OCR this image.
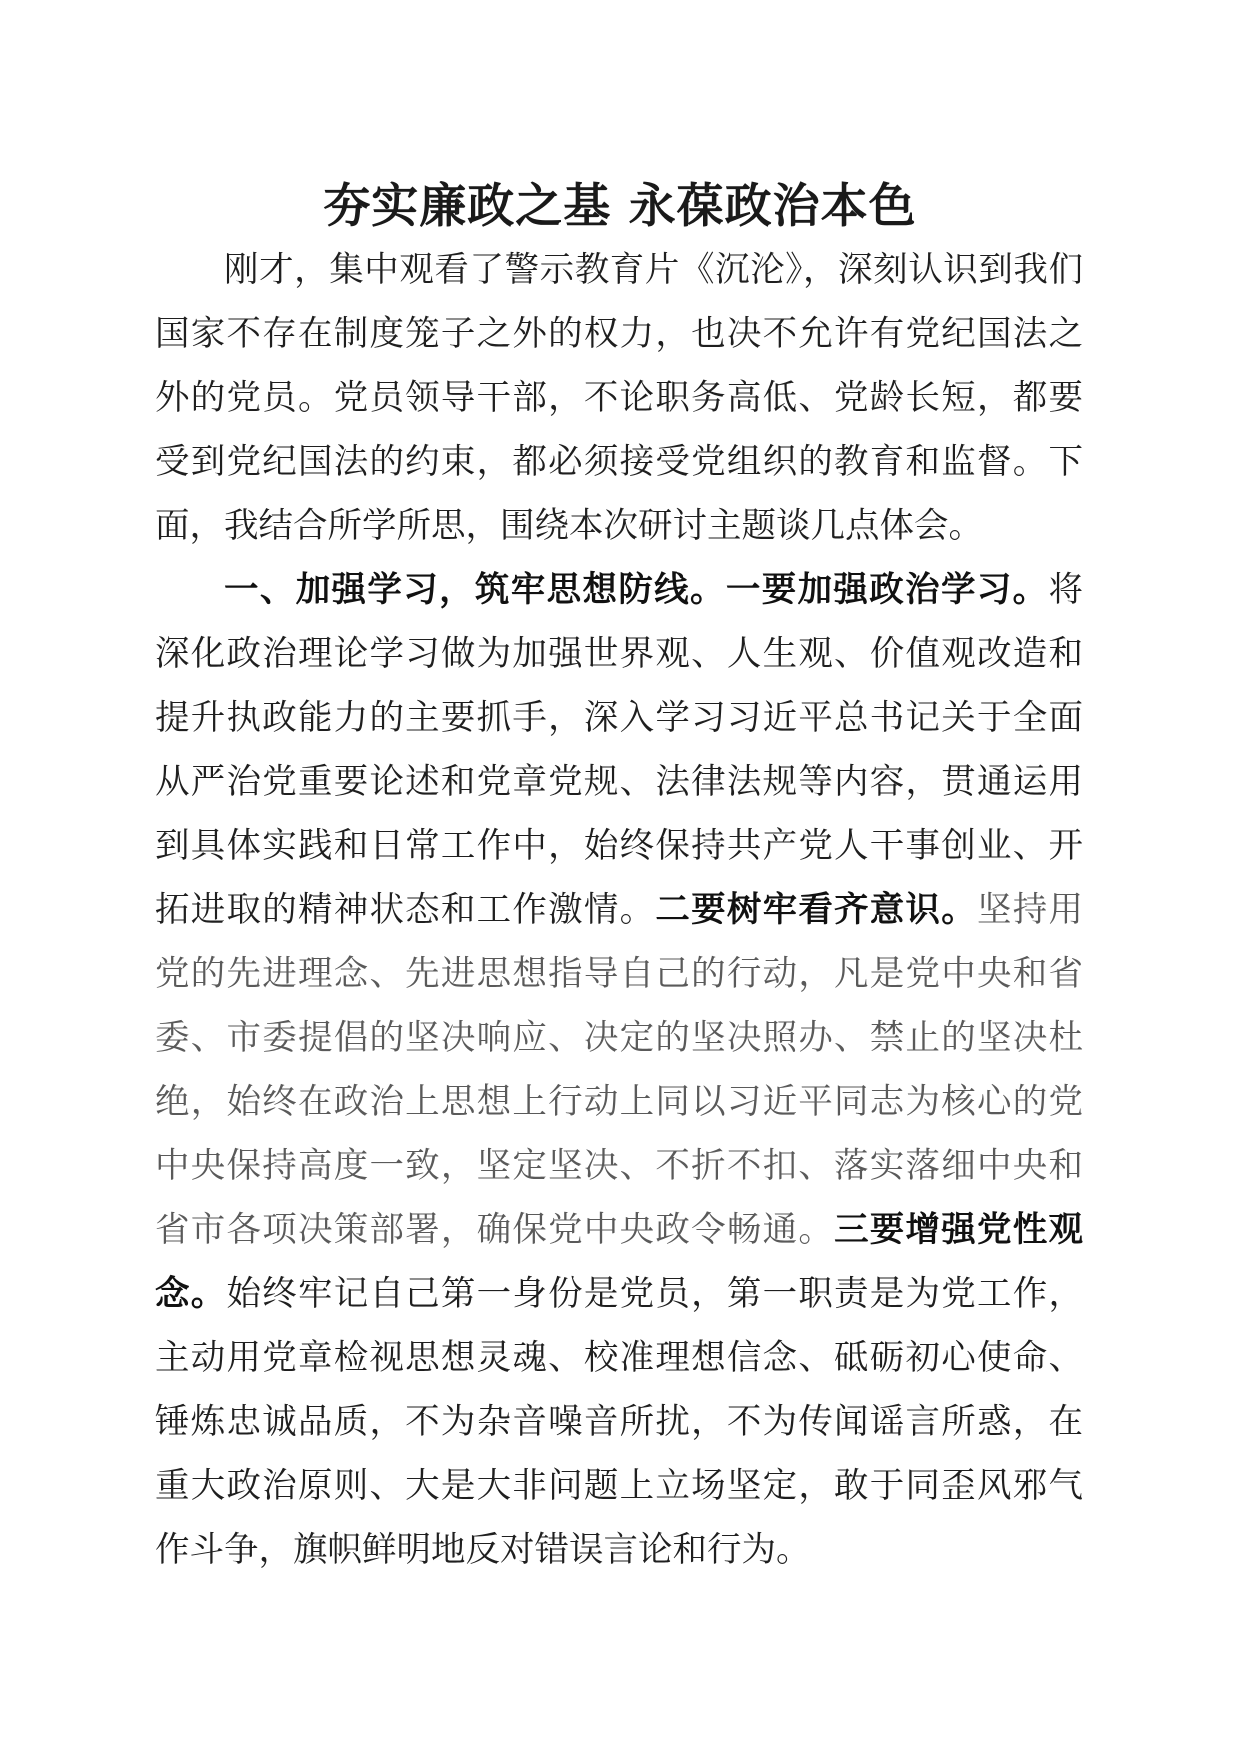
夯实廉政之基 永葆政治本色

刚才，集中观看了警示教育片《沉沦》，深刻认识到我们国家不存在制度笼子之外的权力，也决不允许有党纪国法之外的党员。党员领导干部，不论职务高低、党龄长短，都要受到党纪国法的约束，都必须接受党组织的教育和监督。下面，我结合所学所思，围绕本次研讨主题谈几点体会。

一、加强学习，筑牢思想防线。一要加强政治学习。将深化政治理论学习做为加强世界观、人生观、价值观改造和提升执政能力的主要抓手，深入学习习近平总书记关于全面从严治党重要论述和党章党规、法律法规等内容，贯通运用到具体实践和日常工作中，始终保持共产党人干事创业、开拓进取的精神状态和工作激情。二要树牢看齐意识。坚持用党的先进理念、先进思想指导自己的行动，凡是党中央和省委、市委提倡的坚决响应、决定的坚决照办、禁止的坚决杜绝，始终在政治上思想上行动上同以习近平同志为核心的党中央保持高度一致，坚定坚决、不折不扣、落实落细中央和省市各项决策部署，确保党中央政令畅通。三要增强党性观念。始终牢记自己第一身份是党员，第一职责是为党工作，主动用党章检视思想灵魂、校准理想信念、砥砺初心使命、锤炼忠诚品质，不为杂音噪音所扰，不为传闻谣言所惑，在重大政治原则、大是大非问题上立场坚定，敢于同歪风邪气作斗争，旗帜鲜明地反对错误言论和行为。
